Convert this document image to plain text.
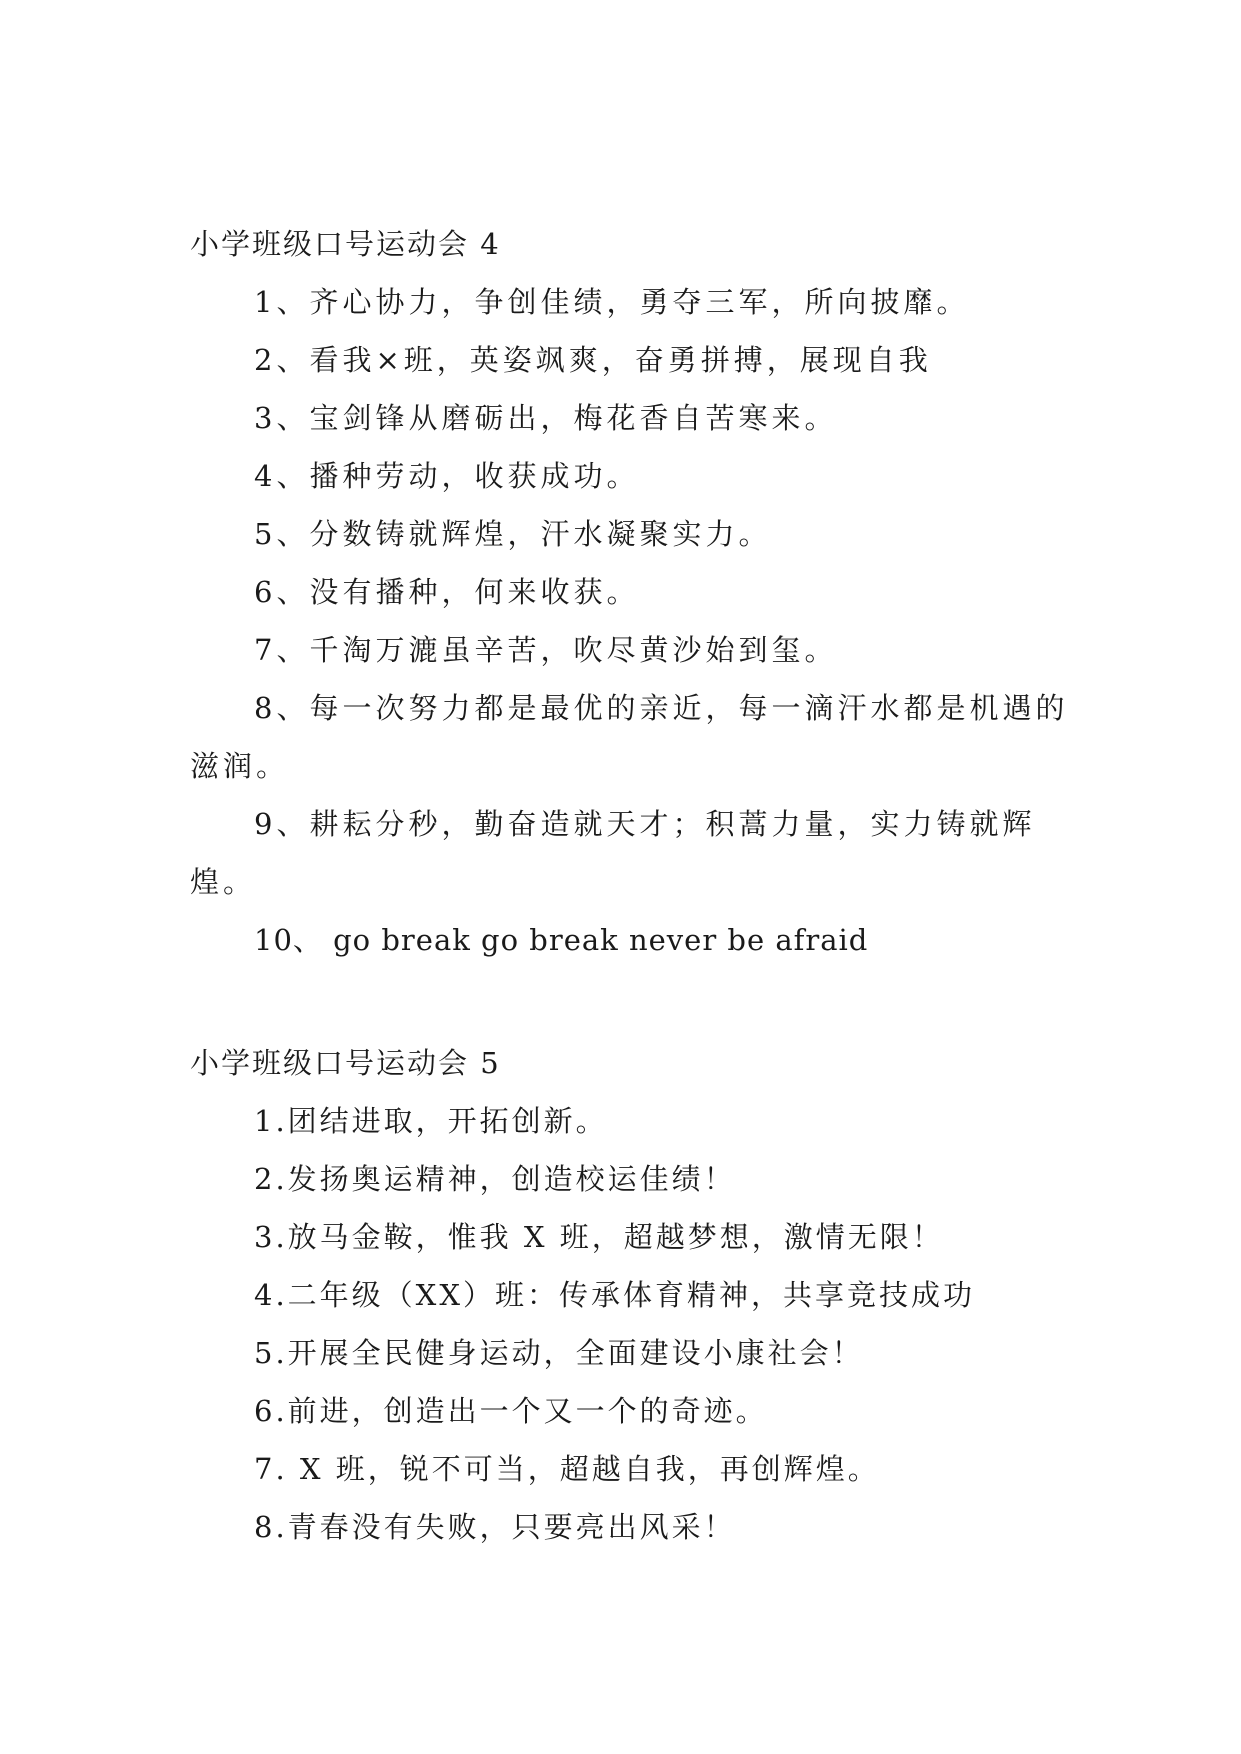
小学班级口号运动会 4

1、齐心协力，争创佳绩，勇夺三军，所向披靡。

2、看我×班，英姿飒爽，奋勇拼搏，展现自我

3、宝剑锋从磨砺出，梅花香自苦寒来。

4、播种劳动，收获成功。

5、分数铸就辉煌，汗水凝聚实力。

6、没有播种，何来收获。

7、千淘万漉虽辛苦，吹尽黄沙始到玺。

8、每一次努力都是最优的亲近，每一滴汗水都是机遇的滋润。

9、耕耘分秒，勤奋造就天才；积蒿力量，实力铸就辉煌。

10、 go break go break never be afraid

小学班级口号运动会 5

1.团结进取，开拓创新。

2.发扬奥运精神，创造校运佳绩！

3.放马金鞍，惟我 X 班，超越梦想，激情无限！

4.二年级（XX）班：传承体育精神，共享竞技成功

5.开展全民健身运动，全面建设小康社会！

6.前进，创造出一个又一个的奇迹。

7. X 班，锐不可当，超越自我，再创辉煌。

8.青春没有失败，只要亮出风采！
